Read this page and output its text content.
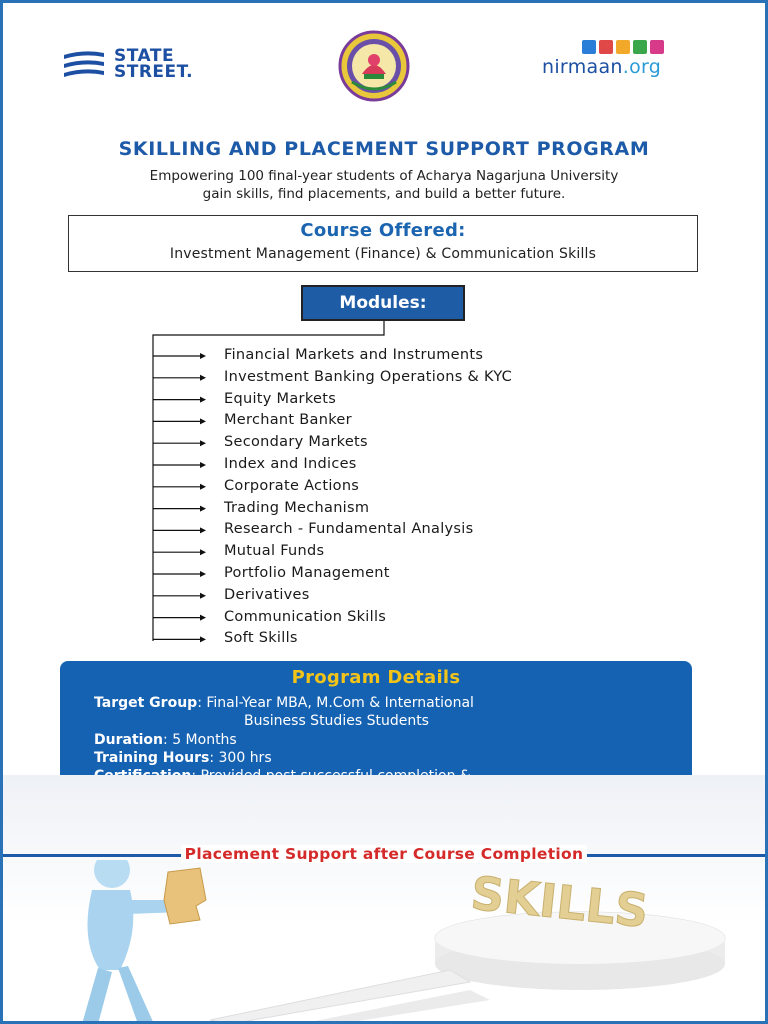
STATE
STREET.	nirmaan.org
SKILLING AND PLACEMENT SUPPORT PROGRAM
Empowering 100 final-year students of Acharya Nagarjuna University
gain skills, find placements, and build a better future.
Course Offered:
Investment Management (Finance) & Communication Skills
Modules:
Financial Markets and Instruments
Investment Banking Operations & KYC
Equity Markets
Merchant Banker
Secondary Markets
Index and Indices
Corporate Actions
Trading Mechanism
Research - Fundamental Analysis
Mutual Funds
Portfolio Management
Derivatives
Communication Skills
Soft Skills
Program Details
Target Group: Final-Year MBA, M.Com & International
Business Studies Students
Duration: 5 Months
Training Hours: 300 hrs
Placement Support after Course Completion
SKILLS
